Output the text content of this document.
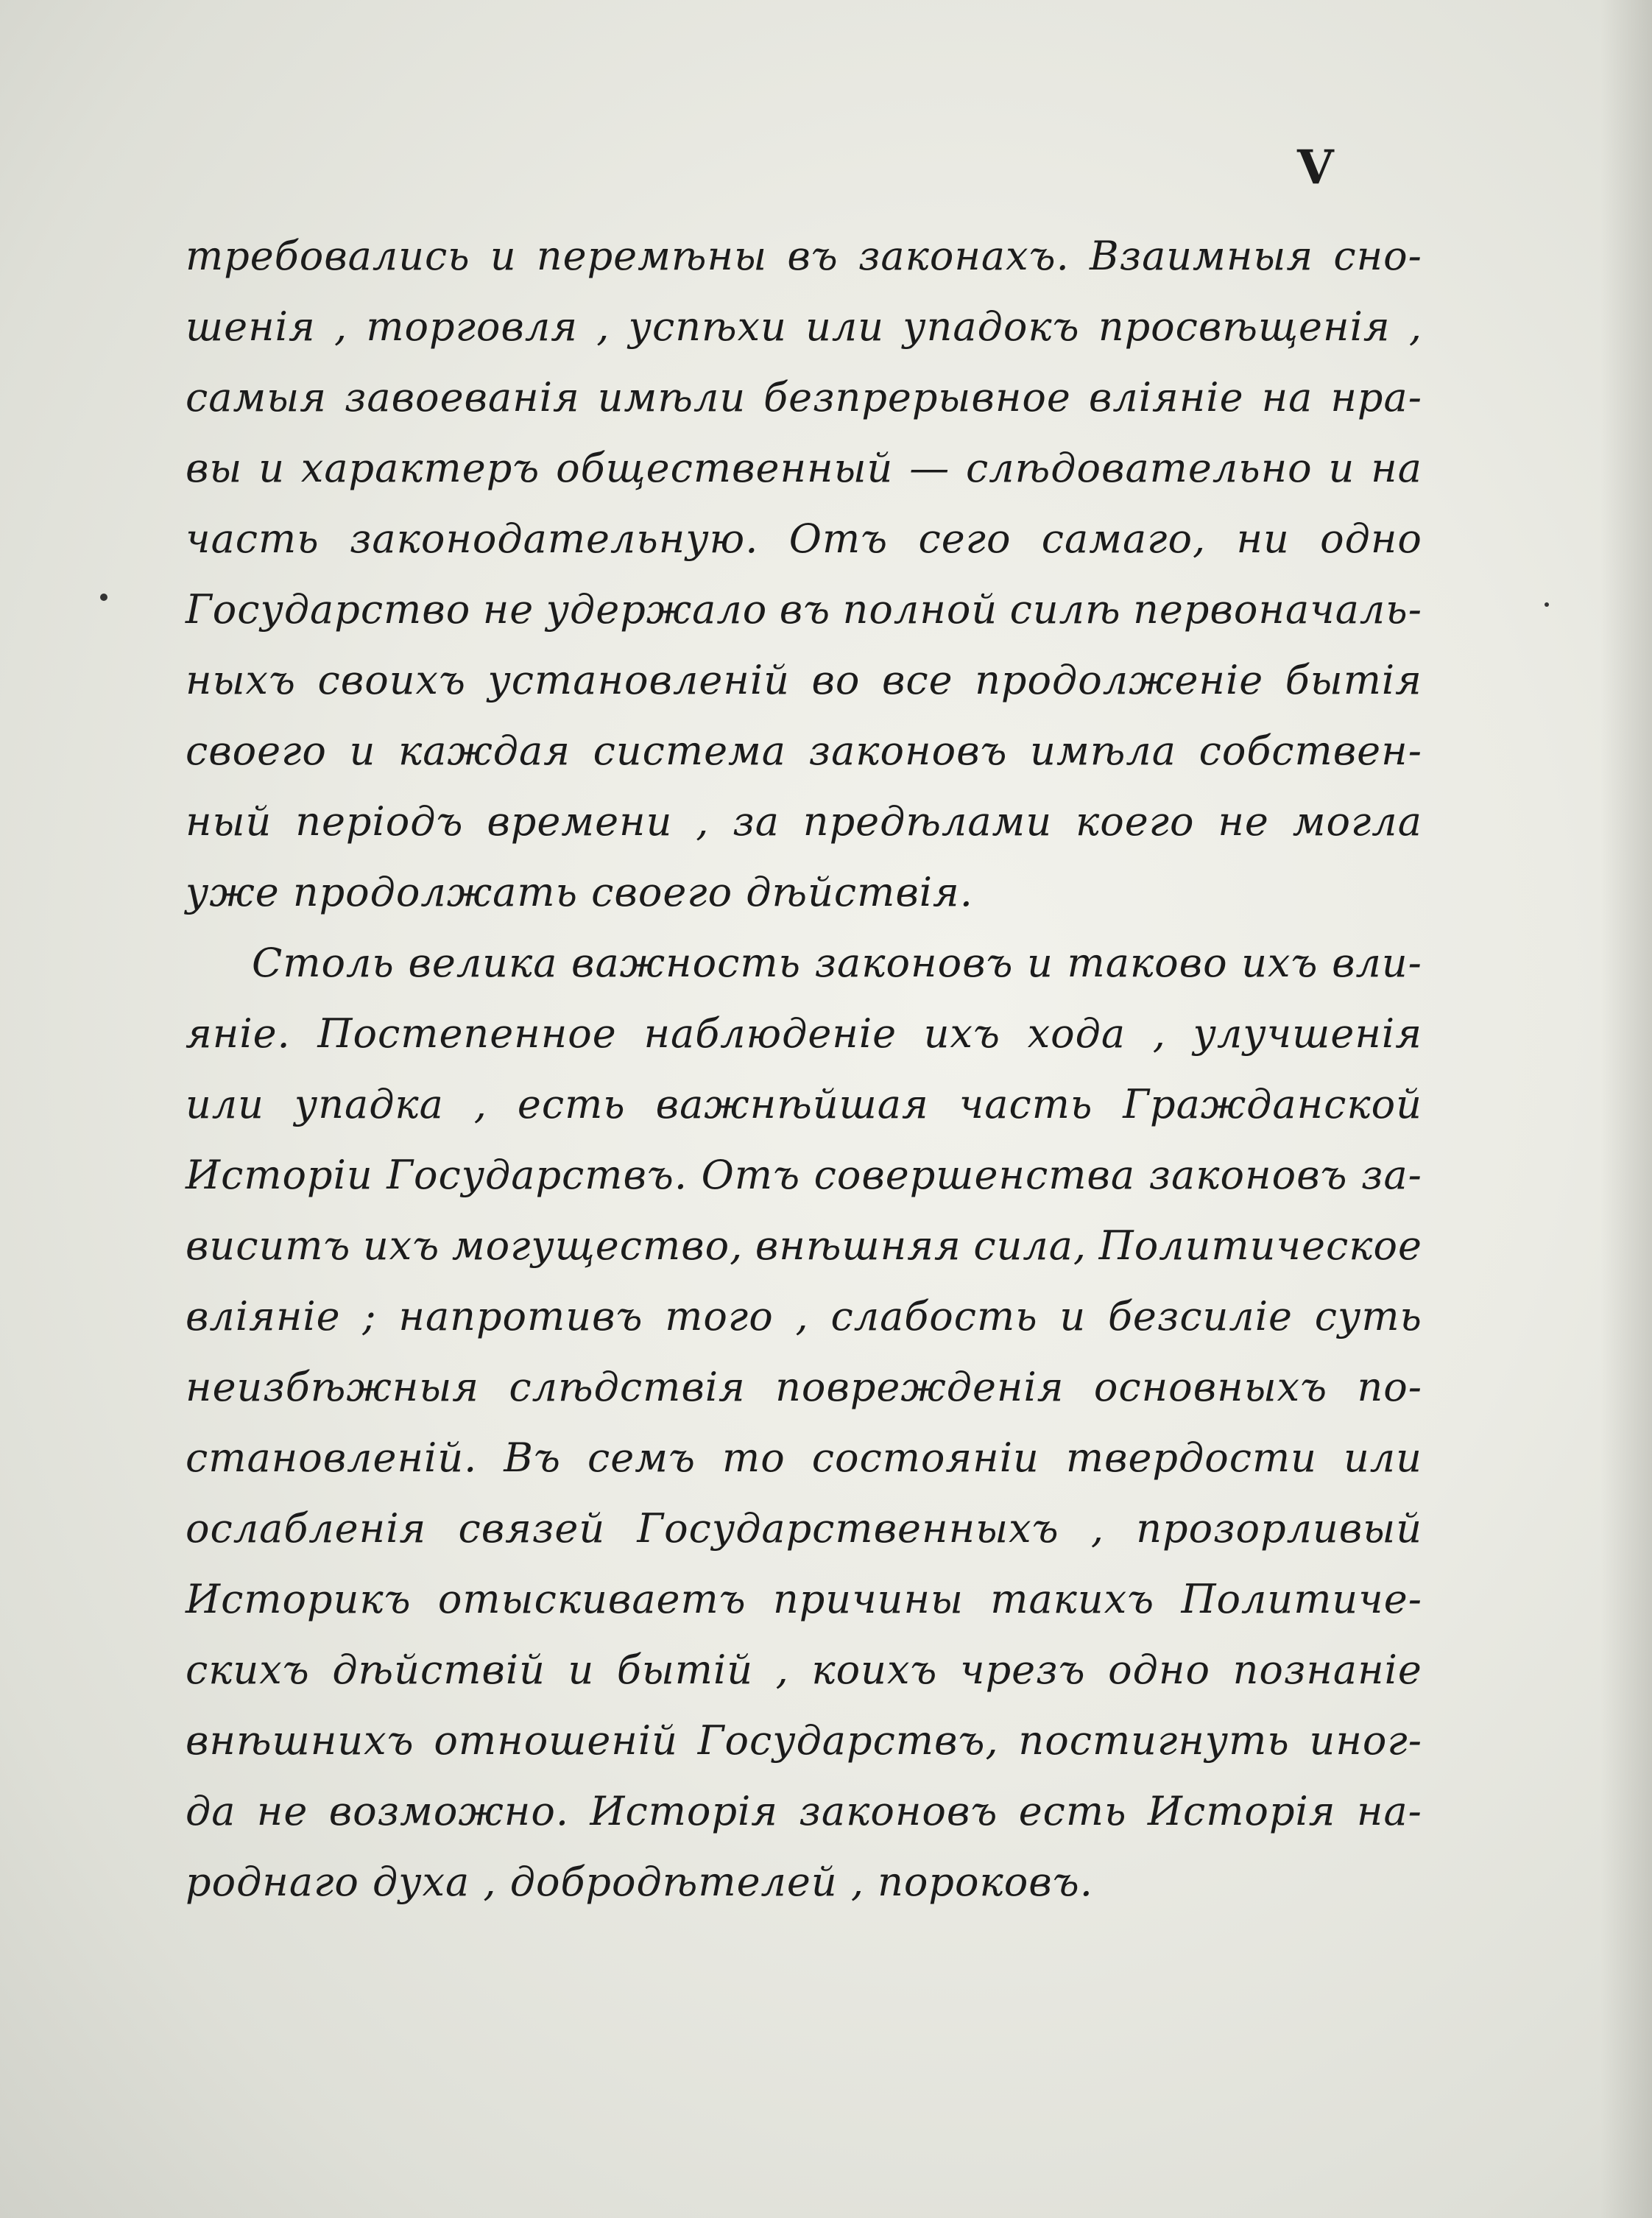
V
требовались и перемѣны въ законахъ. Взаимныя сно-
шенія , торговля , успѣхи или упадокъ просвѣщенія ,
самыя завоеванія имѣли безпрерывное вліяніе на нра-
вы и характеръ общественный — слѣдовательно и на
часть законодательную. Отъ сего самаго, ни одно
Государство не удержало въ полной силѣ первоначаль-
ныхъ своихъ установленій во все продолженіе бытія
своего и каждая система законовъ имѣла собствен-
ный періодъ времени , за предѣлами коего не могла
уже продолжать своего дѣйствія.
Столь велика важность законовъ и таково ихъ вли-
яніе. Постепенное наблюденіе ихъ хода , улучшенія
или упадка , есть важнѣйшая часть Гражданской
Исторіи Государствъ. Отъ совершенства законовъ за-
виситъ ихъ могущество, внѣшняя сила, Политическое
вліяніе ; напротивъ того , слабость и безсиліе суть
неизбѣжныя слѣдствія поврежденія основныхъ по-
становленій. Въ семъ то состояніи твердости или
ослабленія связей Государственныхъ , прозорливый
Историкъ отыскиваетъ причины такихъ Политиче-
скихъ дѣйствій и бытій , коихъ чрезъ одно познаніе
внѣшнихъ отношеній Государствъ, постигнуть иног-
да не возможно. Исторія законовъ есть Исторія на-
роднаго духа , добродѣтелей , пороковъ.
